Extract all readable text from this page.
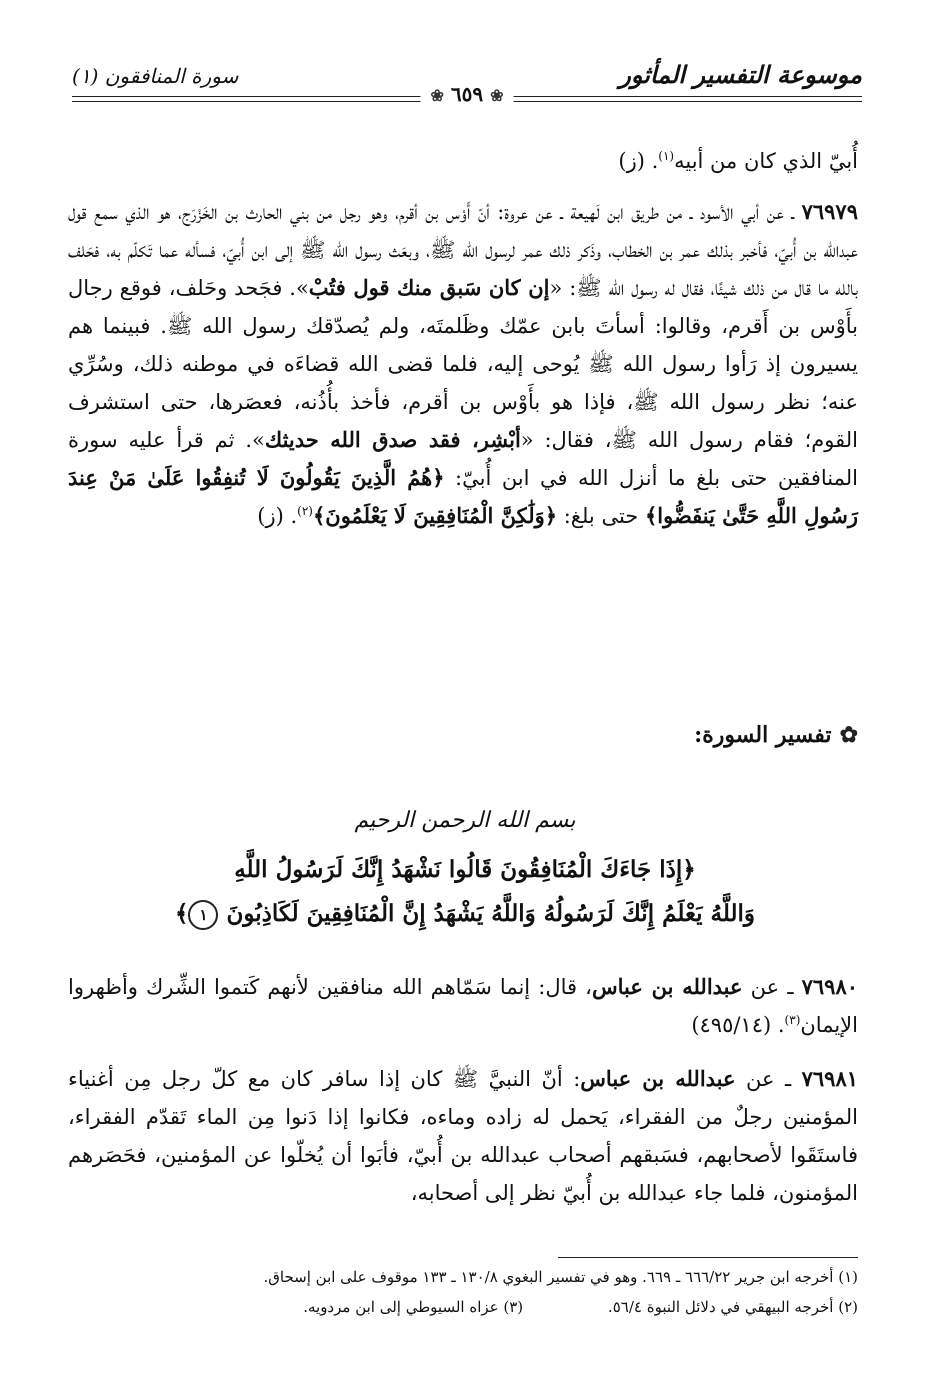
موسوعة التفسير المأثور
سورة المنافقون (١)
❀ ٦٥٩ ❀
أُبيّ الذي كان من أبيه$^{(١)}$. (ز)
٧٦٩٧٩ ـ عن أبي الأسود ـ من طريق ابن لَهيعة ـ عن عروة: أنّ أَوْس بن أقرم، وهو رجل من بني الحارث بن الخَزْرَج، هو الذي سمع قول عبدالله بن أُبيّ، فأخبر بذلك عمر بن الخطاب، وذَكر ذلك عمر لرسول الله ﷺ، وبعَث رسول الله ﷺ إلى ابن أُبيّ، فسأله عما تَكلّم به، فحَلف بالله ما قال من ذلك شيئًا، فقال له رسول الله ﷺ: «إن كان سَبق منك قول فتُبْ». فجَحد وحَلف، فوقع رجال بأَوْس بن أَقرم، وقالوا: أسأتَ بابن عمّك وظَلمتَه، ولم يُصدّقك رسول الله ﷺ. فبينما هم يسيرون إذ رَأوا رسول الله ﷺ يُوحى إليه، فلما قضى الله قضاءَه في موطنه ذلك، وسُرِّي عنه؛ نظر رسول الله ﷺ، فإذا هو بأَوْس بن أقرم، فأخذ بأُذُنه، فعصَرها، حتى استشرف القوم؛ فقام رسول الله ﷺ، فقال: «أبْشِر، فقد صدق الله حديثك». ثم قرأ عليه سورة المنافقين حتى بلغ ما أنزل الله في ابن أُبيّ: ﴿هُمُ الَّذِينَ يَقُولُونَ لَا تُنفِقُوا عَلَىٰ مَنْ عِندَ رَسُولِ اللَّهِ حَتَّىٰ يَنفَضُّوا﴾ حتى بلغ: ﴿وَلَٰكِنَّ الْمُنَافِقِينَ لَا يَعْلَمُونَ﴾$^{(٢)}$. (ز)
✿تفسير السورة:
بسم الله الرحمن الرحيم
﴿إِذَا جَاءَكَ الْمُنَافِقُونَ قَالُوا نَشْهَدُ إِنَّكَ لَرَسُولُ اللَّهِ
وَاللَّهُ يَعْلَمُ إِنَّكَ لَرَسُولُهُ وَاللَّهُ يَشْهَدُ إِنَّ الْمُنَافِقِينَ لَكَاذِبُونَ ١﴾
٧٦٩٨٠ ـ عن عبدالله بن عباس، قال: إنما سَمّاهم الله منافقين لأنهم كَتموا الشِّرك وأظهروا الإيمان$^{(٣)}$. (٤٩٥/١٤)
٧٦٩٨١ ـ عن عبدالله بن عباس: أنّ النبيَّ ﷺ كان إذا سافر كان مع كلّ رجل مِن أغنياء المؤمنين رجلٌ من الفقراء، يَحمل له زاده وماءه، فكانوا إذا دَنوا مِن الماء تَقدّم الفقراء، فاستَقَوا لأصحابهم، فسَبقهم أصحاب عبدالله بن أُبيّ، فأبَوا أن يُخلّوا عن المؤمنين، فحَصَرهم المؤمنون، فلما جاء عبدالله بن أُبيّ نظر إلى أصحابه،
(١) أخرجه ابن جرير ٦٦٦/٢٢ ـ ٦٦٩. وهو في تفسير البغوي ١٣٠/٨ ـ ١٣٣ موقوف على ابن إسحاق.
(٢) أخرجه البيهقي في دلائل النبوة ٥٦/٤. (٣) عزاه السيوطي إلى ابن مردويه.
